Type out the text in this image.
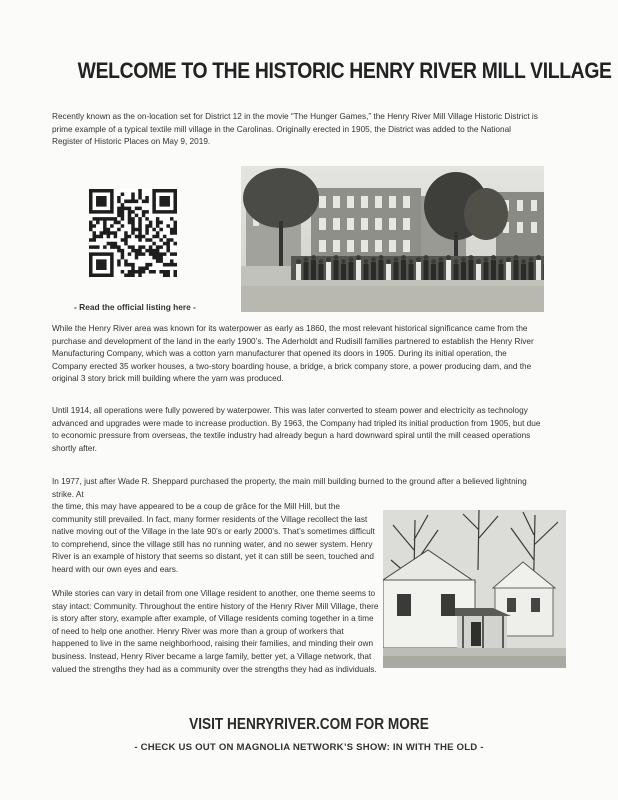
WELCOME TO THE HISTORIC HENRY RIVER MILL VILLAGE

Recently known as the on-location set for District 12 in the movie “The Hunger Games,” the Henry River Mill Village Historic District is prime example of a typical textile mill village in the Carolinas. Originally erected in 1905, the District was added to the National Register of Historic Places on May 9, 2019.

- Read the official listing here -

While the Henry River area was known for its waterpower as early as 1860, the most relevant historical significance came from the purchase and development of the land in the early 1900’s. The Aderholdt and Rudisill families partnered to establish the Henry River Manufacturing Company, which was a cotton yarn manufacturer that opened its doors in 1905. During its initial operation, the Company erected 35 worker houses, a two-story boarding house, a bridge, a brick company store, a power producing dam, and the original 3 story brick mill building where the yarn was produced.

Until 1914, all operations were fully powered by waterpower. This was later converted to steam power and electricity as technology advanced and upgrades were made to increase production. By 1963, the Company had tripled its initial production from 1905, but due to economic pressure from overseas, the textile industry had already begun a hard downward spiral until the mill ceased operations shortly after.

In 1977, just after Wade R. Sheppard purchased the property, the main mill building burned to the ground after a believed lightning strike. At

the time, this may have appeared to be a coup de grâce for the Mill Hill, but the community still prevailed. In fact, many former residents of the Village recollect the last native moving out of the Village in the late 90’s or early 2000’s. That’s sometimes difficult to comprehend, since the village still has no running water, and no sewer system. Henry River is an example of history that seems so distant, yet it can still be seen, touched and heard with our own eyes and ears.

While stories can vary in detail from one Village resident to another, one theme seems to stay intact: Community. Throughout the entire history of the Henry River Mill Village, there is story after story, example after example, of Village residents coming together in a time of need to help one another. Henry River was more than a group of workers that happened to live in the same neighborhood, raising their families, and minding their own business. Instead, Henry River became a large family, better yet, a Village network, that valued the strengths they had as a community over the strengths they had as individuals.

VISIT HENRYRIVER.COM FOR MORE
- CHECK US OUT ON MAGNOLIA NETWORK’S SHOW: IN WITH THE OLD -
